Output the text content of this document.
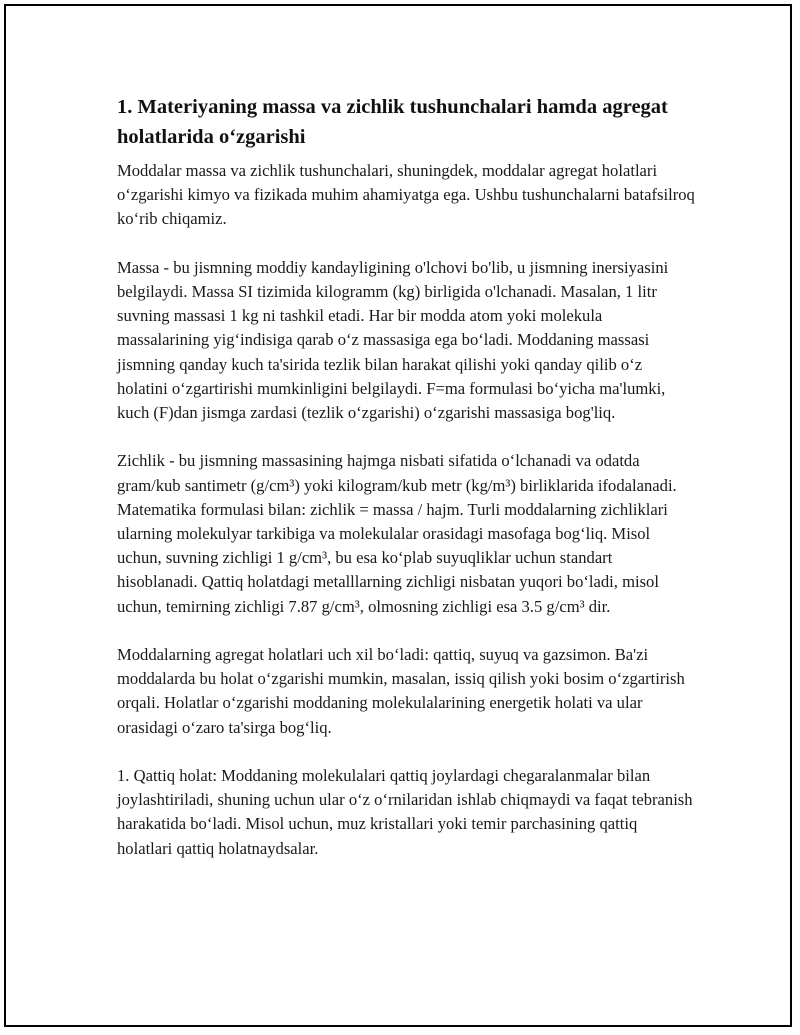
1. Materiyaning massa va zichlik tushunchalari hamda agregat holatlarida o‘zgarishi

Moddalar massa va zichlik tushunchalari, shuningdek, moddalar agregat holatlari o‘zgarishi kimyo va fizikada muhim ahamiyatga ega. Ushbu tushunchalarni batafsilroq ko‘rib chiqamiz.

Massa - bu jismning moddiy kandayligining o'lchovi bo'lib, u jismning inersiyasini belgilaydi. Massa SI tizimida kilogramm (kg) birligida o'lchanadi. Masalan, 1 litr suvning massasi 1 kg ni tashkil etadi. Har bir modda atom yoki molekula massalarining yig‘indisiga qarab o‘z massasiga ega bo‘ladi. Moddaning massasi jismning qanday kuch ta'sirida tezlik bilan harakat qilishi yoki qanday qilib o‘z holatini o‘zgartirishi mumkinligini belgilaydi. F=ma formulasi bo‘yicha ma'lumki, kuch (F)dan jismga zardasi (tezlik o‘zgarishi) o‘zgarishi massasiga bog'liq.

Zichlik - bu jismning massasining hajmga nisbati sifatida o‘lchanadi va odatda gram/kub santimetr (g/cm³) yoki kilogram/kub metr (kg/m³) birliklarida ifodalanadi. Matematika formulasi bilan: zichlik = massa / hajm. Turli moddalarning zichliklari ularning molekulyar tarkibiga va molekulalar orasidagi masofaga bog‘liq. Misol uchun, suvning zichligi 1 g/cm³, bu esa ko‘plab suyuqliklar uchun standart hisoblanadi. Qattiq holatdagi metalllarning zichligi nisbatan yuqori bo‘ladi, misol uchun, temirning zichligi 7.87 g/cm³, olmosning zichligi esa 3.5 g/cm³ dir.

Moddalarning agregat holatlari uch xil bo‘ladi: qattiq, suyuq va gazsimon. Ba'zi moddalarda bu holat o‘zgarishi mumkin, masalan, issiq qilish yoki bosim o‘zgartirish orqali. Holatlar o‘zgarishi moddaning molekulalarining energetik holati va ular orasidagi o‘zaro ta'sirga bog‘liq.

1. Qattiq holat: Moddaning molekulalari qattiq joylardagi chegaralanmalar bilan joylashtiriladi, shuning uchun ular o‘z o‘rnilaridan ishlab chiqmaydi va faqat tebranish harakatida bo‘ladi. Misol uchun, muz kristallari yoki temir parchasining qattiq holatlari qattiq holatnaydsalar.
